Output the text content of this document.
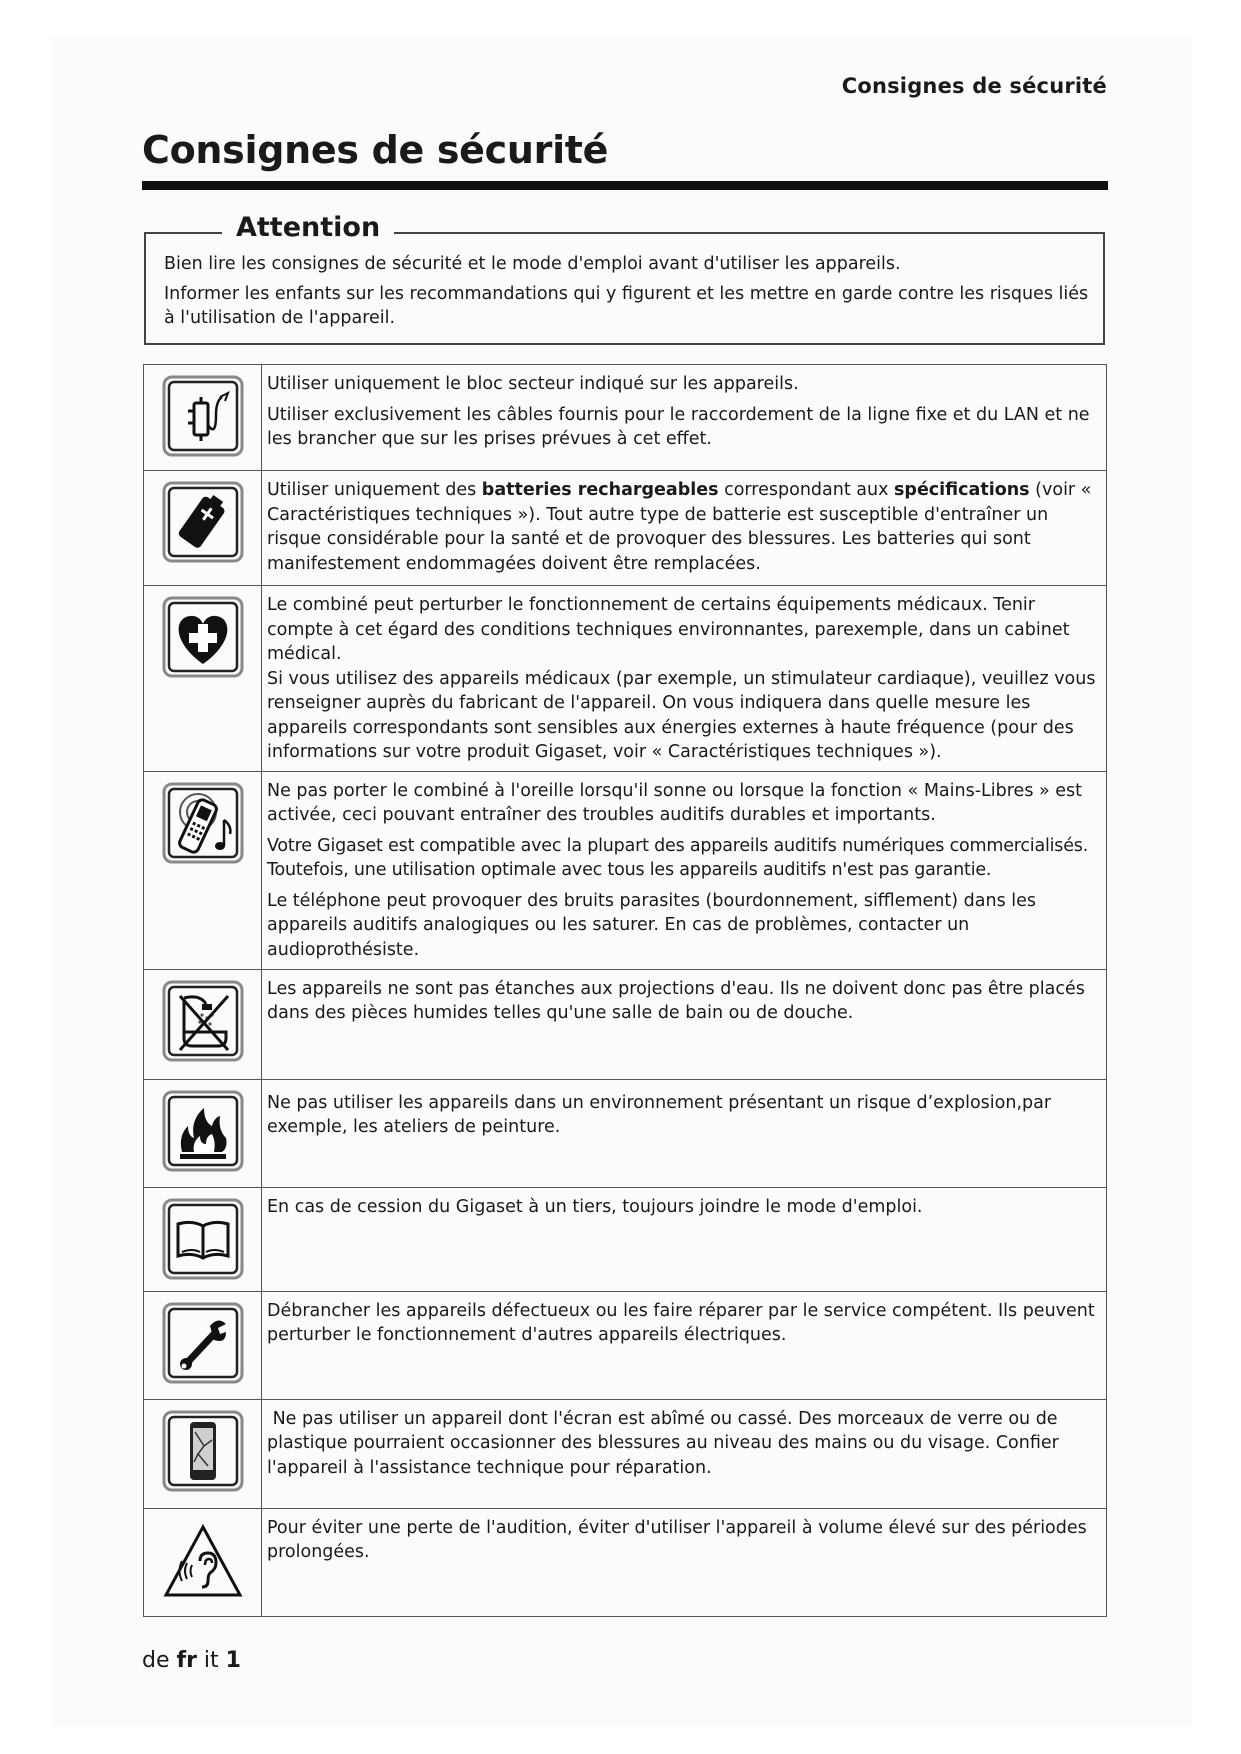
Consignes de sécurité
Consignes de sécurité
Attention

Bien lire les consignes de sécurité et le mode d'emploi avant d'utiliser les appareils.

Informer les enfants sur les recommandations qui y figurent et les mettre en garde contre les risques liés à l'utilisation de l'appareil.

Utiliser uniquement le bloc secteur indiqué sur les appareils.

Utiliser exclusivement les câbles fournis pour le raccordement de la ligne fixe et du LAN et ne les brancher que sur les prises prévues à cet effet.

Utiliser uniquement des batteries rechargeables correspondant aux spécifications (voir « Caractéristiques techniques »). Tout autre type de batterie est susceptible d'entraîner un risque considérable pour la santé et de provoquer des blessures. Les batteries qui sont manifestement endommagées doivent être remplacées.

Le combiné peut perturber le fonctionnement de certains équipements médicaux. Tenir compte à cet égard des conditions techniques environnantes, parexemple, dans un cabinet médical.

Si vous utilisez des appareils médicaux (par exemple, un stimulateur cardiaque), veuillez vous renseigner auprès du fabricant de l'appareil. On vous indiquera dans quelle mesure les appareils correspondants sont sensibles aux énergies externes à haute fréquence (pour des informations sur votre produit Gigaset, voir « Caractéristiques techniques »).

Ne pas porter le combiné à l'oreille lorsqu'il sonne ou lorsque la fonction « Mains-Libres » est activée, ceci pouvant entraîner des troubles auditifs durables et importants.

Votre Gigaset est compatible avec la plupart des appareils auditifs numériques commercialisés. Toutefois, une utilisation optimale avec tous les appareils auditifs n'est pas garantie.

Le téléphone peut provoquer des bruits parasites (bourdonnement, sifflement) dans les appareils auditifs analogiques ou les saturer. En cas de problèmes, contacter un audioprothésiste.

Les appareils ne sont pas étanches aux projections d'eau. Ils ne doivent donc pas être placés dans des pièces humides telles qu'une salle de bain ou de douche.

Ne pas utiliser les appareils dans un environnement présentant un risque d’explosion,par exemple, les ateliers de peinture.

En cas de cession du Gigaset à un tiers, toujours joindre le mode d'emploi.

Débrancher les appareils défectueux ou les faire réparer par le service compétent. Ils peuvent perturber le fonctionnement d'autres appareils électriques.

Ne pas utiliser un appareil dont l'écran est abîmé ou cassé. Des morceaux de verre ou de plastique pourraient occasionner des blessures au niveau des mains ou du visage. Confier l'appareil à l'assistance technique pour réparation.

Pour éviter une perte de l'audition, éviter d'utiliser l'appareil à volume élevé sur des périodes prolongées.

de fr it 1
